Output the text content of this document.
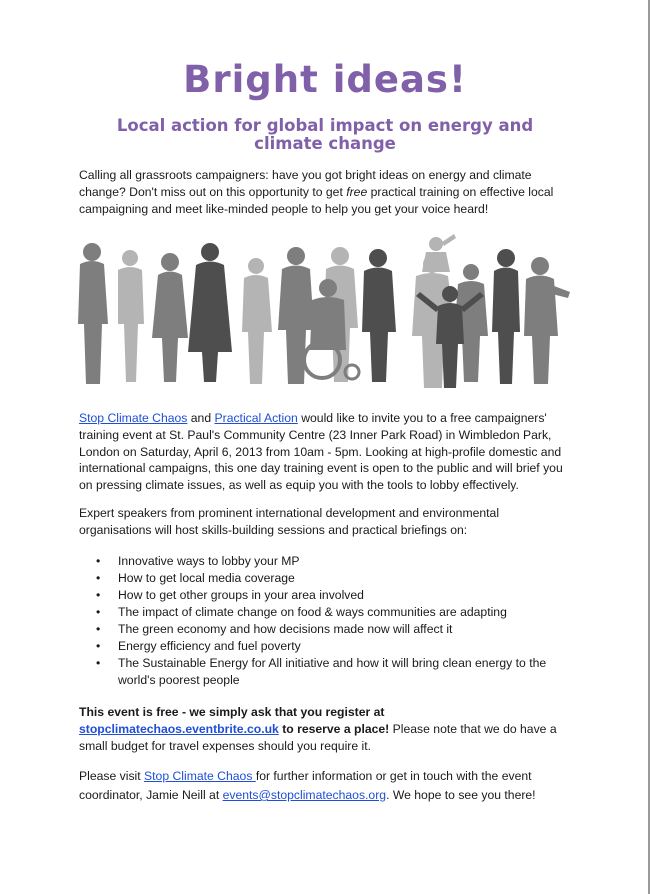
Bright ideas!
Local action for global impact on energy and climate change

Calling all grassroots campaigners: have you got bright ideas on energy and climate change? Don't miss out on this opportunity to get free practical training on effective local campaigning and meet like-minded people to help you get your voice heard!

Stop Climate Chaos and Practical Action would like to invite you to a free campaigners' training event at St. Paul's Community Centre (23 Inner Park Road) in Wimbledon Park, London on Saturday, April 6, 2013 from 10am - 5pm. Looking at high-profile domestic and international campaigns, this one day training event is open to the public and will brief you on pressing climate issues, as well as equip you with the tools to lobby effectively.

Expert speakers from prominent international development and environmental organisations will host skills-building sessions and practical briefings on:

• Innovative ways to lobby your MP
• How to get local media coverage
• How to get other groups in your area involved
• The impact of climate change on food & ways communities are adapting
• The green economy and how decisions made now will affect it
• Energy efficiency and fuel poverty
• The Sustainable Energy for All initiative and how it will bring clean energy to the world's poorest people

This event is free - we simply ask that you register at stopclimatechaos.eventbrite.co.uk to reserve a place! Please note that we do have a small budget for travel expenses should you require it.

Please visit Stop Climate Chaos for further information or get in touch with the event coordinator, Jamie Neill at events@stopclimatechaos.org. We hope to see you there!
